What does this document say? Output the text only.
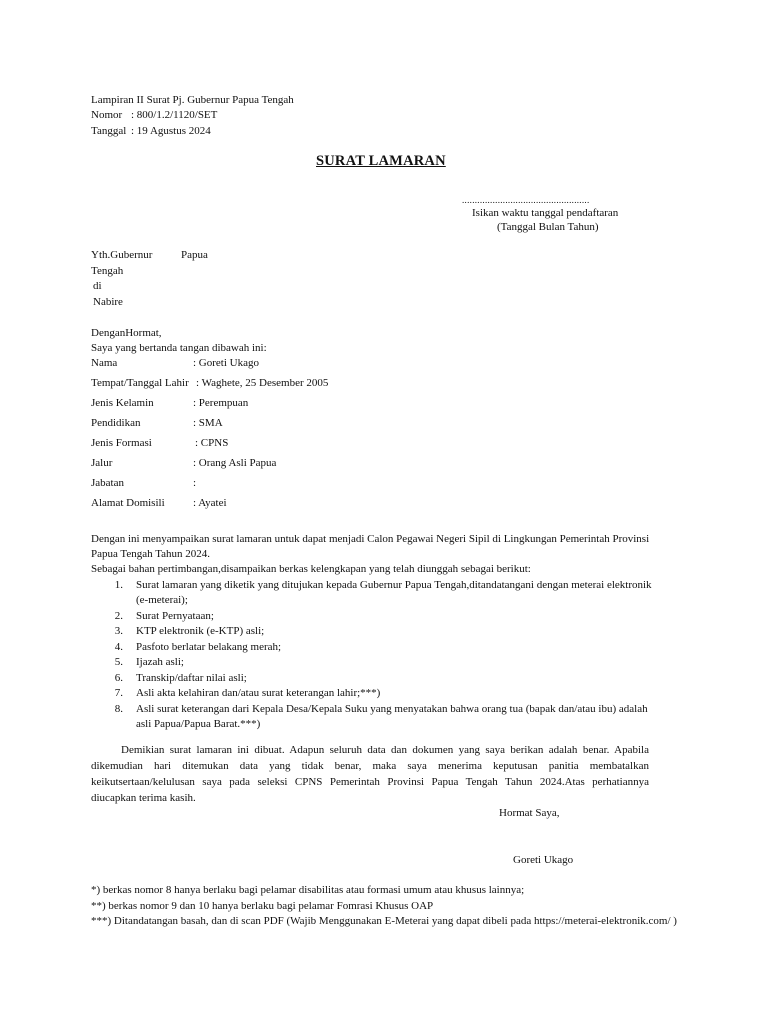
Lampiran II Surat Pj. Gubernur Papua Tengah
Nomor : 800/1.2/1120/SET
Tanggal : 19 Agustus 2024
SURAT LAMARAN
..................................................
Isikan waktu tanggal pendaftaran
(Tanggal Bulan Tahun)
Yth.Gubernur	Papua
Tengah
di
Nabire
DenganHormat,
Saya yang bertanda tangan dibawah ini:
Nama	: Goreti Ukago
Tempat/Tanggal Lahir : Waghete, 25 Desember 2005
Jenis Kelamin	: Perempuan
Pendidikan	: SMA
Jenis Formasi	: CPNS
Jalur	: Orang Asli Papua
Jabatan	:
Alamat Domisili	: Ayatei
Dengan ini menyampaikan surat lamaran untuk dapat menjadi Calon Pegawai Negeri Sipil di Lingkungan Pemerintah Provinsi
Papua Tengah Tahun 2024.
Sebagai bahan pertimbangan,disampaikan berkas kelengkapan yang telah diunggah sebagai berikut:
1. Surat lamaran yang diketik yang ditujukan kepada Gubernur Papua Tengah,ditandatangani dengan meterai elektronik
(e-meterai);
2. Surat Pernyataan;
3. KTP elektronik (e-KTP) asli;
4. Pasfoto berlatar belakang merah;
5. Ijazah asli;
6. Transkip/daftar nilai asli;
7. Asli akta kelahiran dan/atau surat keterangan lahir;***)
8. Asli surat keterangan dari Kepala Desa/Kepala Suku yang menyatakan bahwa orang tua (bapak dan/atau ibu) adalah
asli Papua/Papua Barat.***)
Demikian surat lamaran ini dibuat. Adapun seluruh data dan dokumen yang saya berikan adalah benar. Apabila
dikemudian hari ditemukan data yang tidak benar, maka saya menerima keputusan panitia membatalkan
keikutsertaan/kelulusan saya pada seleksi CPNS Pemerintah Provinsi Papua Tengah Tahun 2024.Atas perhatiannya
diucapkan terima kasih.
Hormat Saya,
Goreti Ukago
*) berkas nomor 8 hanya berlaku bagi pelamar disabilitas atau formasi umum atau khusus lainnya;
**) berkas nomor 9 dan 10 hanya berlaku bagi pelamar Fomrasi Khusus OAP
***) Ditandatangan basah, dan di scan PDF (Wajib Menggunakan E-Meterai yang dapat dibeli pada https://meterai-elektronik.com/ )
